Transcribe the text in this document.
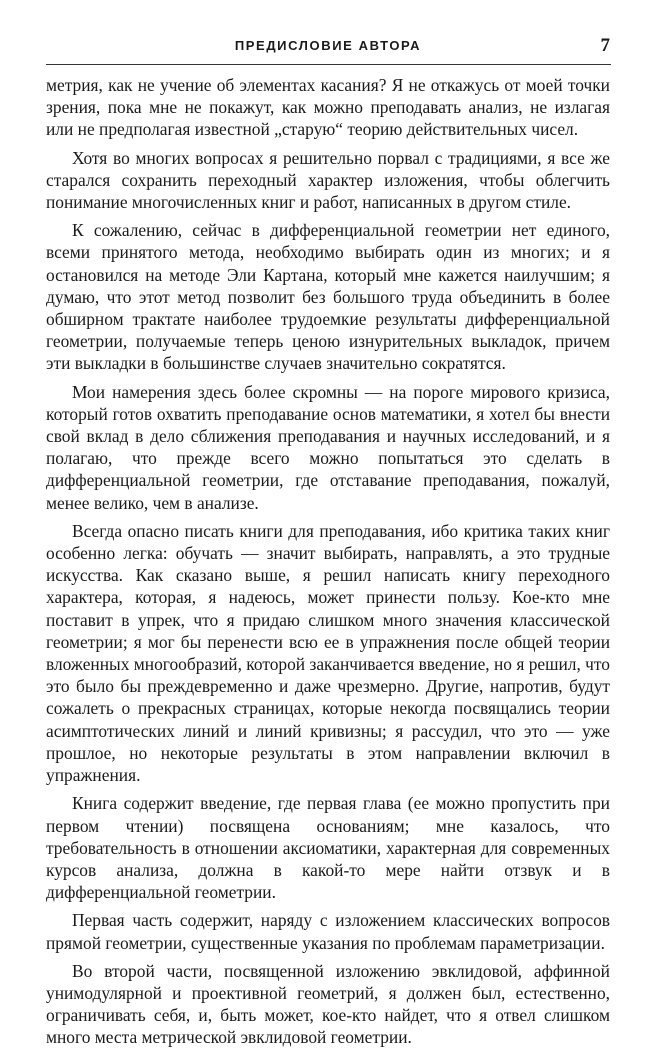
ПРЕДИСЛОВИЕ АВТОРА	7

метрия, как не учение об элементах касания? Я не откажусь от моей точки зрения, пока мне не покажут, как можно преподавать анализ, не излагая или не предполагая известной „старую“ теорию действительных чисел.

Хотя во многих вопросах я решительно порвал с традициями, я все же старался сохранить переходный характер изложения, чтобы облегчить понимание многочисленных книг и работ, написанных в другом стиле.

К сожалению, сейчас в дифференциальной геометрии нет единого, всеми принятого метода, необходимо выбирать один из многих; и я остановился на методе Эли Картана, который мне кажется наилучшим; я думаю, что этот метод позволит без большого труда объединить в более обширном трактате наиболее трудоемкие результаты дифференциальной геометрии, получаемые теперь ценою изнурительных выкладок, причем эти выкладки в большинстве случаев значительно сократятся.

Мои намерения здесь более скромны — на пороге мирового кризиса, который готов охватить преподавание основ математики, я хотел бы внести свой вклад в дело сближения преподавания и научных исследований, и я полагаю, что прежде всего можно попытаться это сделать в дифференциальной геометрии, где отставание преподавания, пожалуй, менее велико, чем в анализе.

Всегда опасно писать книги для преподавания, ибо критика таких книг особенно легка: обучать — значит выбирать, направлять, а это трудные искусства. Как сказано выше, я решил написать книгу переходного характера, которая, я надеюсь, может принести пользу. Кое-кто мне поставит в упрек, что я придаю слишком много значения классической геометрии; я мог бы перенести всю ее в упражнения после общей теории вложенных многообразий, которой заканчивается введение, но я решил, что это было бы преждевременно и даже чрезмерно. Другие, напротив, будут сожалеть о прекрасных страницах, которые некогда посвящались теории асимптотических линий и линий кривизны; я рассудил, что это — уже прошлое, но некоторые результаты в этом направлении включил в упражнения.

Книга содержит введение, где первая глава (ее можно пропустить при первом чтении) посвящена основаниям; мне казалось, что требовательность в отношении аксиоматики, характерная для современных курсов анализа, должна в какой-то мере найти отзвук и в дифференциальной геометрии.

Первая часть содержит, наряду с изложением классических вопросов прямой геометрии, существенные указания по проблемам параметризации.

Во второй части, посвященной изложению эвклидовой, аффинной унимодулярной и проективной геометрий, я должен был, естественно, ограничивать себя, и, быть может, кое-кто найдет, что я отвел слишком много места метрической эвклидовой геометрии.
